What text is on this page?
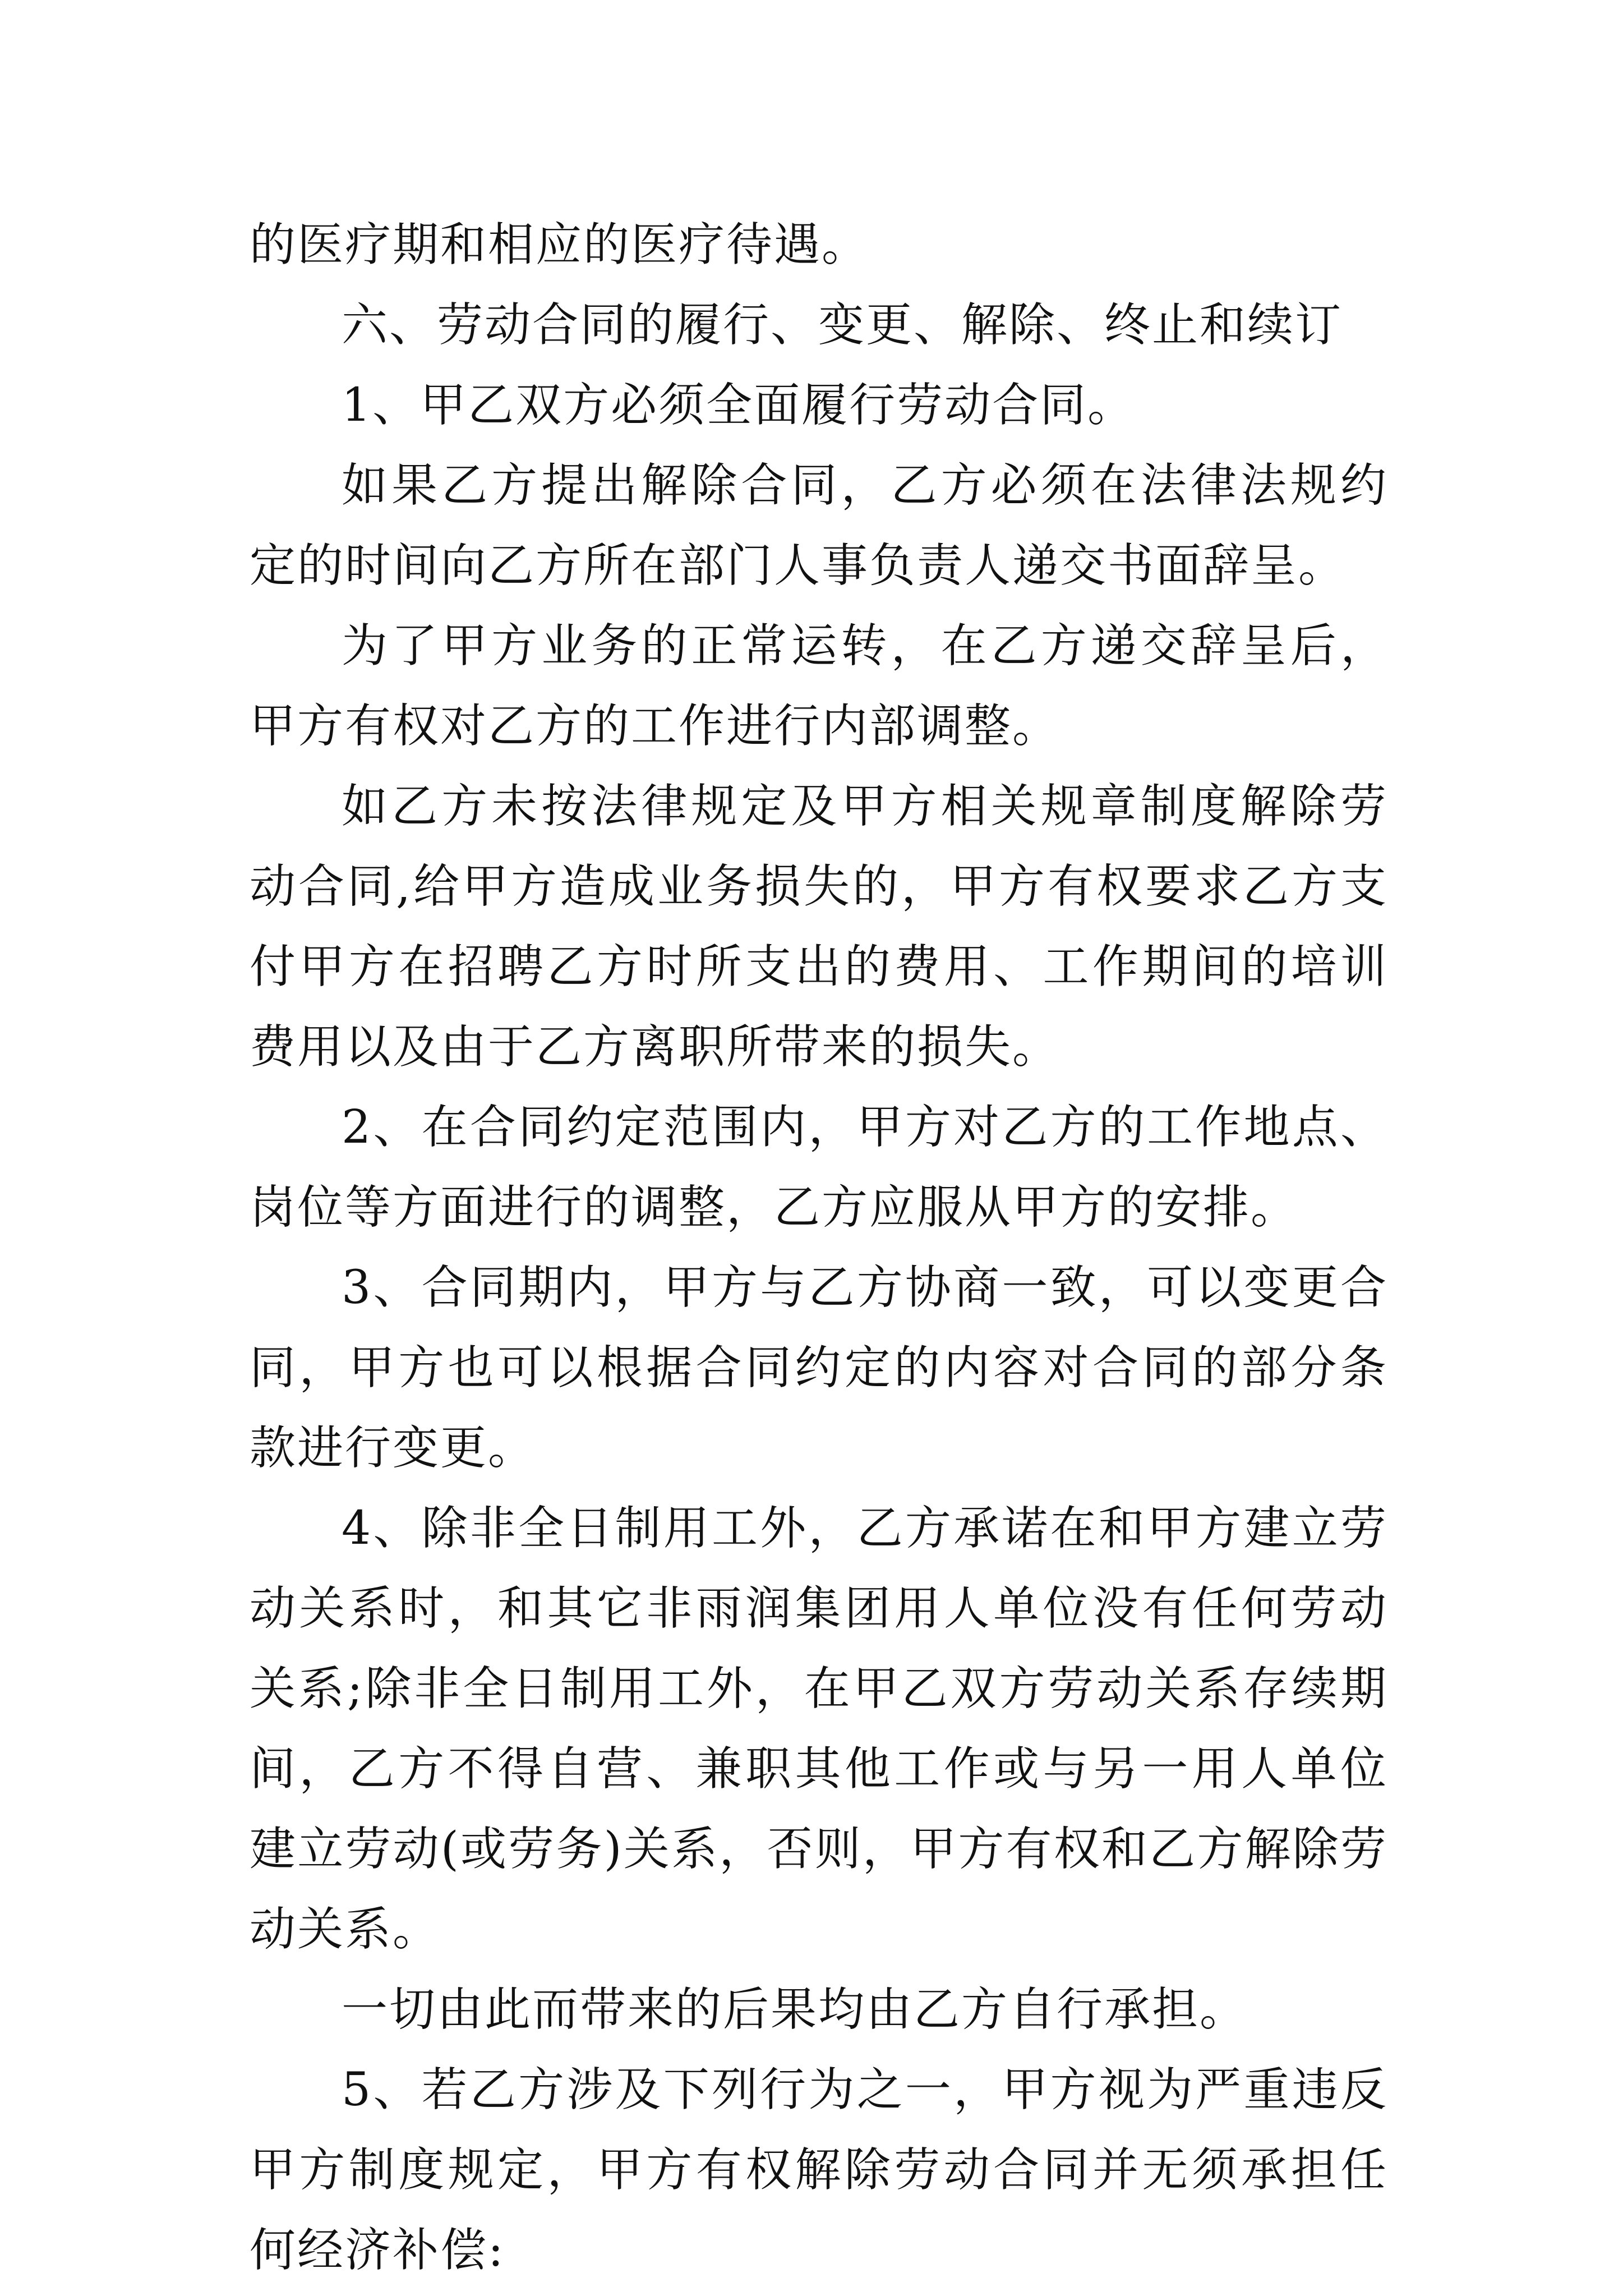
的医疗期和相应的医疗待遇。

六、劳动合同的履行、变更、解除、终止和续订

1、甲乙双方必须全面履行劳动合同。

如果乙方提出解除合同，乙方必须在法律法规约定的时间向乙方所在部门人事负责人递交书面辞呈。

为了甲方业务的正常运转，在乙方递交辞呈后，甲方有权对乙方的工作进行内部调整。

如乙方未按法律规定及甲方相关规章制度解除劳动合同,给甲方造成业务损失的，甲方有权要求乙方支付甲方在招聘乙方时所支出的费用、工作期间的培训费用以及由于乙方离职所带来的损失。

2、在合同约定范围内，甲方对乙方的工作地点、岗位等方面进行的调整，乙方应服从甲方的安排。

3、合同期内，甲方与乙方协商一致，可以变更合同，甲方也可以根据合同约定的内容对合同的部分条款进行变更。

4、除非全日制用工外，乙方承诺在和甲方建立劳动关系时，和其它非雨润集团用人单位没有任何劳动关系;除非全日制用工外，在甲乙双方劳动关系存续期间，乙方不得自营、兼职其他工作或与另一用人单位建立劳动(或劳务)关系，否则，甲方有权和乙方解除劳动关系。

一切由此而带来的后果均由乙方自行承担。

5、若乙方涉及下列行为之一，甲方视为严重违反甲方制度规定，甲方有权解除劳动合同并无须承担任何经济补偿:
